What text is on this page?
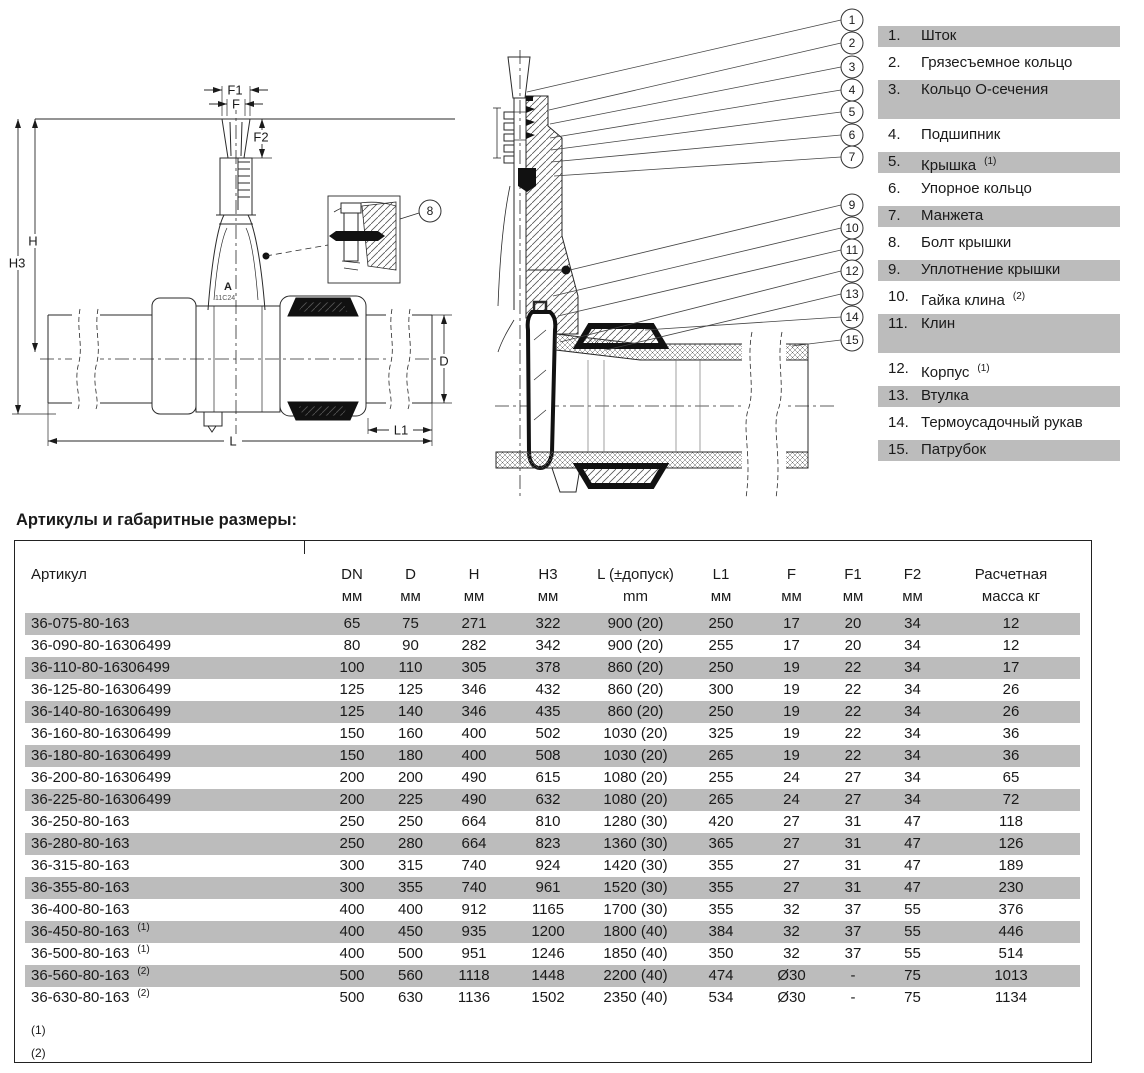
F1
F
F2
H
H3
D
L
L1
A
11C24
8
1
2
3
4
5
6
7
9
10
11
12
13
14
15
1.	Шток
2.	Грязесъемное кольцо
3.	Кольцо О-сечения
4.	Подшипник
5.	Крышка $^{(1)}$
6.	Упорное кольцо
7.	Манжета
8.	Болт крышки
9.	Уплотнение крышки
10. Гайка клина $^{(2)}$
11. Клин
12. Корпус $^{(1)}$
13. Втулка
14. Термоусадочный рукав
15. Патрубок
Артикулы и габаритные размеры:
Артикул	DN	D	H	H3	L (±допуск)	L1	F	F1	F2	Расчетная
	мм	мм	мм	мм	mm	мм	мм	мм	мм	масса кг
36-075-80-163	65	75	271	322	900 (20)	250	17	20	34	12
36-090-80-16306499	80	90	282	342	900 (20)	255	17	20	34	12
36-110-80-16306499	100	110	305	378	860 (20)	250	19	22	34	17
36-125-80-16306499	125	125	346	432	860 (20)	300	19	22	34	26
36-140-80-16306499	125	140	346	435	860 (20)	250	19	22	34	26
36-160-80-16306499	150	160	400	502	1030 (20)	325	19	22	34	36
36-180-80-16306499	150	180	400	508	1030 (20)	265	19	22	34	36
36-200-80-16306499	200	200	490	615	1080 (20)	255	24	27	34	65
36-225-80-16306499	200	225	490	632	1080 (20)	265	24	27	34	72
36-250-80-163	250	250	664	810	1280 (30)	420	27	31	47	118
36-280-80-163	250	280	664	823	1360 (30)	365	27	31	47	126
36-315-80-163	300	315	740	924	1420 (30)	355	27	31	47	189
36-355-80-163	300	355	740	961	1520 (30)	355	27	31	47	230
36-400-80-163	400	400	912	1165	1700 (30)	355	32	37	55	376
36-450-80-163 $^{(1)}$	400	450	935	1200	1800 (40)	384	32	37	55	446
36-500-80-163 $^{(1)}$	400	500	951	1246	1850 (40)	350	32	37	55	514
36-560-80-163 $^{(2)}$	500	560	1118	1448	2200 (40)	474	Ø30	-	75	1013
36-630-80-163 $^{(2)}$	500	630	1136	1502	2350 (40)	534	Ø30	-	75	1134
(1)
(2)
